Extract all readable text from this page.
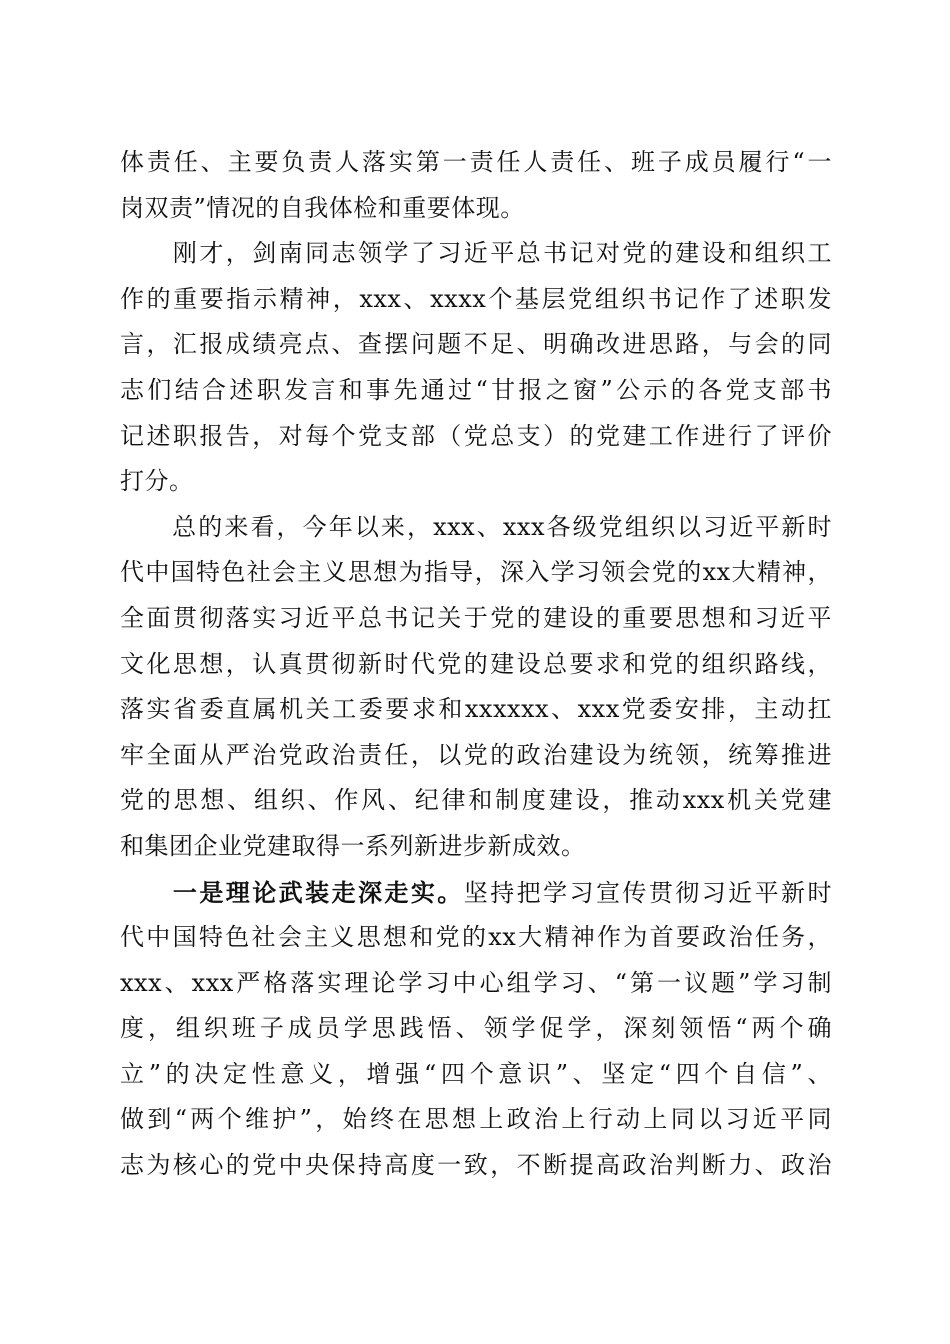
体责任、主要负责人落实第一责任人责任、班子成员履行“一
岗双责”情况的自我体检和重要体现。
　　刚才，剑南同志领学了习近平总书记对党的建设和组织工
作的重要指示精神，xxx、xxxx个基层党组织书记作了述职发
言，汇报成绩亮点、查摆问题不足、明确改进思路，与会的同
志们结合述职发言和事先通过“甘报之窗”公示的各党支部书
记述职报告，对每个党支部（党总支）的党建工作进行了评价
打分。
　　总的来看，今年以来，xxx、xxx各级党组织以习近平新时
代中国特色社会主义思想为指导，深入学习领会党的xx大精神，
全面贯彻落实习近平总书记关于党的建设的重要思想和习近平
文化思想，认真贯彻新时代党的建设总要求和党的组织路线，
落实省委直属机关工委要求和xxxxxx、xxx党委安排，主动扛
牢全面从严治党政治责任，以党的政治建设为统领，统筹推进
党的思想、组织、作风、纪律和制度建设，推动xxx机关党建
和集团企业党建取得一系列新进步新成效。
　　一是理论武装走深走实。坚持把学习宣传贯彻习近平新时
代中国特色社会主义思想和党的xx大精神作为首要政治任务，
xxx、xxx严格落实理论学习中心组学习、“第一议题”学习制
度，组织班子成员学思践悟、领学促学，深刻领悟“两个确
立”的决定性意义，增强“四个意识”、坚定“四个自信”、
做到“两个维护”，始终在思想上政治上行动上同以习近平同
志为核心的党中央保持高度一致，不断提高政治判断力、政治
